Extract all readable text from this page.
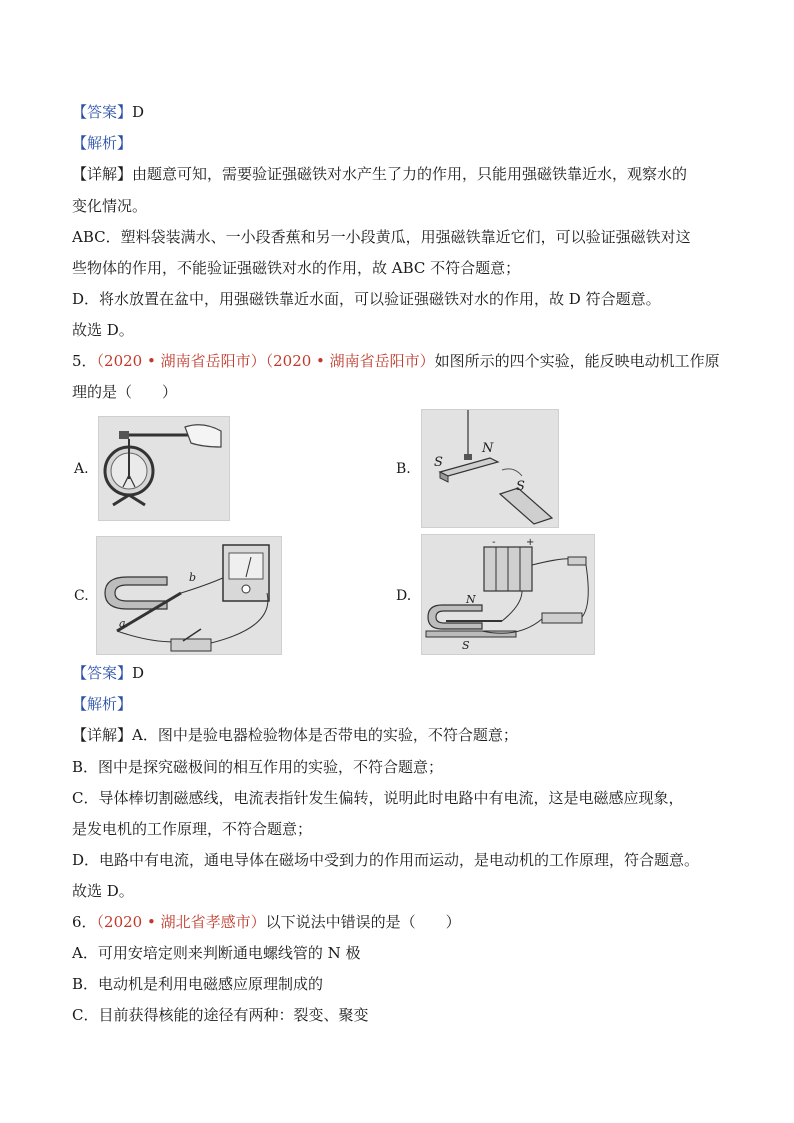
【答案】D
【解析】
【详解】由题意可知，需要验证强磁铁对水产生了力的作用，只能用强磁铁靠近水，观察水的
变化情况。
ABC．塑料袋装满水、一小段香蕉和另一小段黄瓜，用强磁铁靠近它们，可以验证强磁铁对这
些物体的作用，不能验证强磁铁对水的作用，故 ABC 不符合题意；
D．将水放置在盆中，用强磁铁靠近水面，可以验证强磁铁对水的作用，故 D 符合题意。
故选 D。
5．（2020 • 湖南省岳阳市）（2020 • 湖南省岳阳市）如图所示的四个实验，能反映电动机工作原
理的是（　　）
A.	B. S
N
S
C.
a
b
D.
-	+
N
S
【答案】D
【解析】
【详解】A．图中是验电器检验物体是否带电的实验，不符合题意；
B．图中是探究磁极间的相互作用的实验，不符合题意；
C．导体棒切割磁感线，电流表指针发生偏转，说明此时电路中有电流，这是电磁感应现象，
是发电机的工作原理，不符合题意；
D．电路中有电流，通电导体在磁场中受到力的作用而运动，是电动机的工作原理，符合题意。
故选 D。
6．（2020 • 湖北省孝感市）以下说法中错误的是（　　）
A．可用安培定则来判断通电螺线管的 N 极
B．电动机是利用电磁感应原理制成的
C．目前获得核能的途径有两种：裂变、聚变
